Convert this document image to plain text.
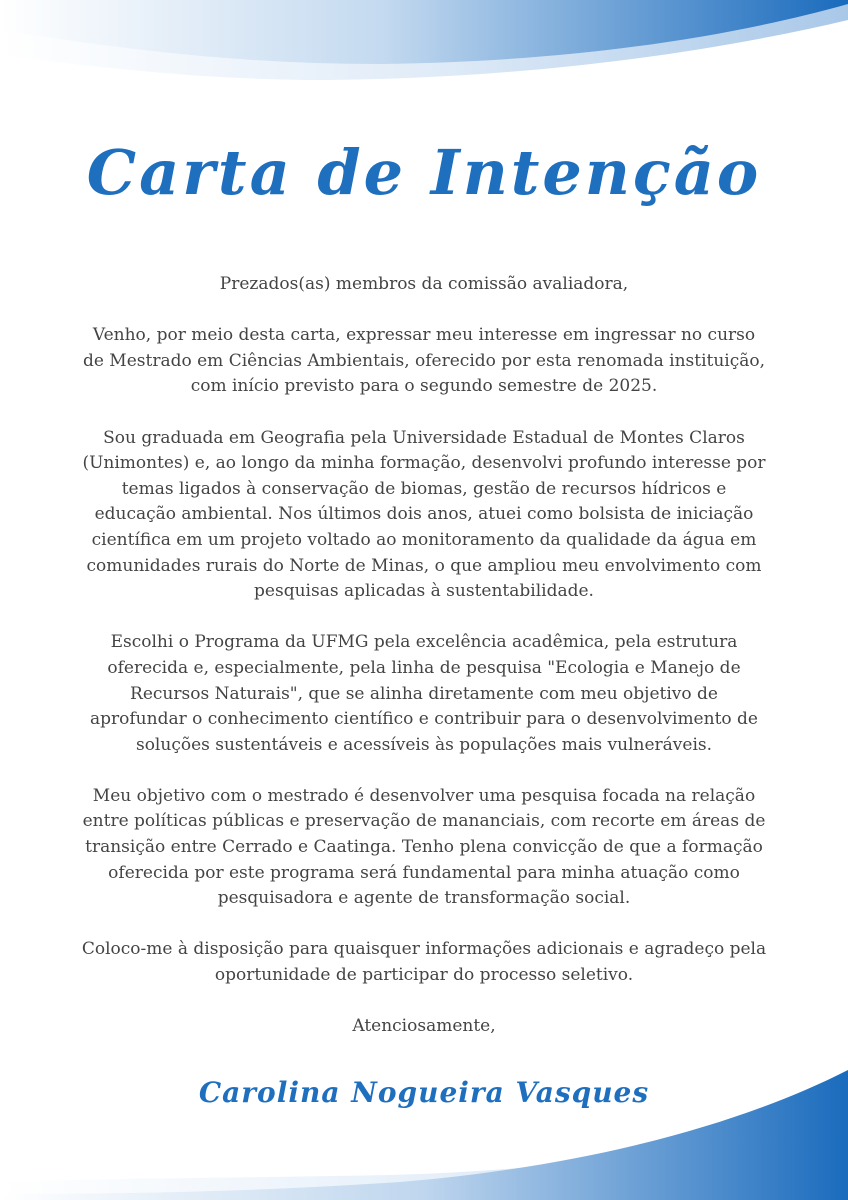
Carta de Intenção

Prezados(as) membros da comissão avaliadora,

Venho, por meio desta carta, expressar meu interesse em ingressar no curso de Mestrado em Ciências Ambientais, oferecido por esta renomada instituição, com início previsto para o segundo semestre de 2025.

Sou graduada em Geografia pela Universidade Estadual de Montes Claros (Unimontes) e, ao longo da minha formação, desenvolvi profundo interesse por temas ligados à conservação de biomas, gestão de recursos hídricos e educação ambiental. Nos últimos dois anos, atuei como bolsista de iniciação científica em um projeto voltado ao monitoramento da qualidade da água em comunidades rurais do Norte de Minas, o que ampliou meu envolvimento com pesquisas aplicadas à sustentabilidade.

Escolhi o Programa da UFMG pela excelência acadêmica, pela estrutura oferecida e, especialmente, pela linha de pesquisa "Ecologia e Manejo de Recursos Naturais", que se alinha diretamente com meu objetivo de aprofundar o conhecimento científico e contribuir para o desenvolvimento de soluções sustentáveis e acessíveis às populações mais vulneráveis.

Meu objetivo com o mestrado é desenvolver uma pesquisa focada na relação entre políticas públicas e preservação de mananciais, com recorte em áreas de transição entre Cerrado e Caatinga. Tenho plena convicção de que a formação oferecida por este programa será fundamental para minha atuação como pesquisadora e agente de transformação social.

Coloco-me à disposição para quaisquer informações adicionais e agradeço pela oportunidade de participar do processo seletivo.

Atenciosamente,

Carolina Nogueira Vasques
